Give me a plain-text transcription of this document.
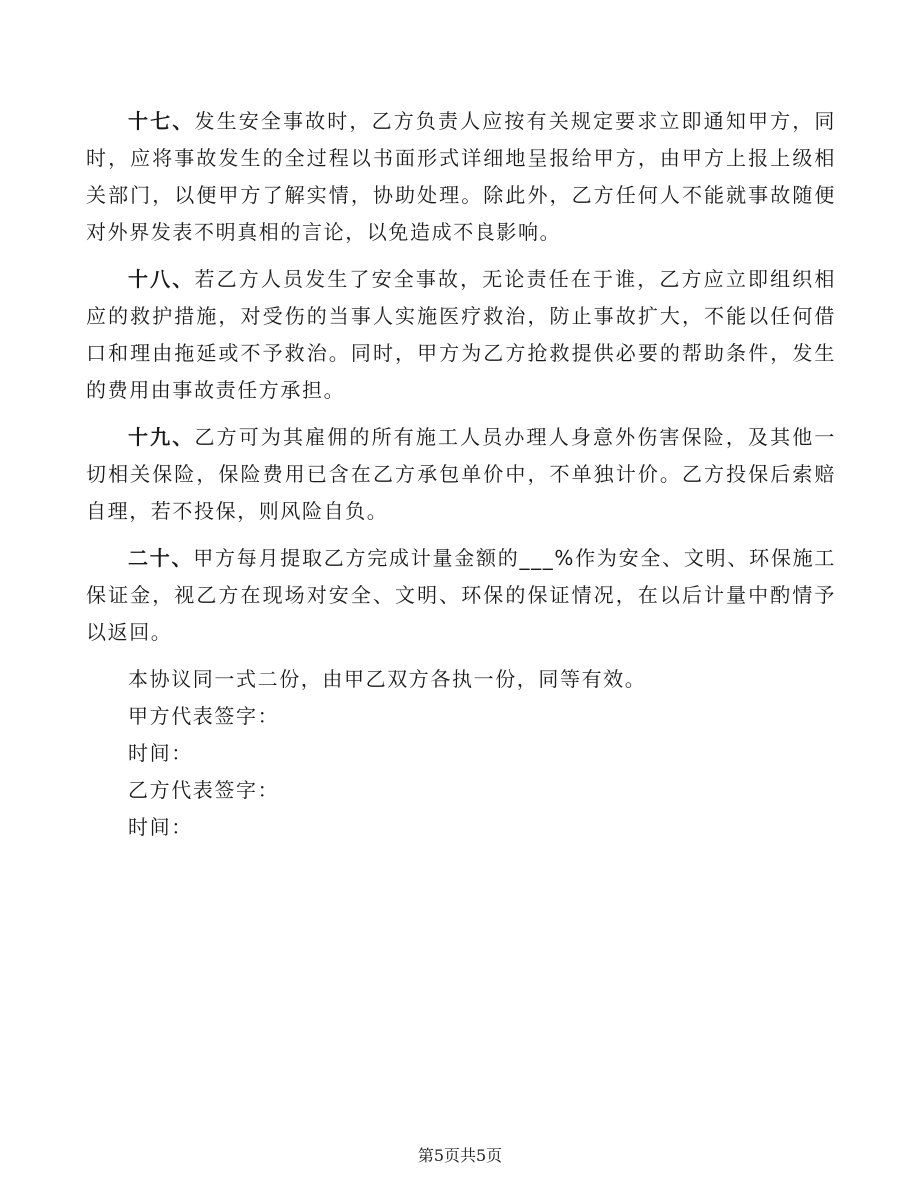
十七、发生安全事故时，乙方负责人应按有关规定要求立即通知甲方，同时，应将事故发生的全过程以书面形式详细地呈报给甲方，由甲方上报上级相关部门，以便甲方了解实情，协助处理。除此外，乙方任何人不能就事故随便对外界发表不明真相的言论，以免造成不良影响。

十八、若乙方人员发生了安全事故，无论责任在于谁，乙方应立即组织相应的救护措施，对受伤的当事人实施医疗救治，防止事故扩大，不能以任何借口和理由拖延或不予救治。同时，甲方为乙方抢救提供必要的帮助条件，发生的费用由事故责任方承担。

十九、乙方可为其雇佣的所有施工人员办理人身意外伤害保险，及其他一切相关保险，保险费用已含在乙方承包单价中，不单独计价。乙方投保后索赔自理，若不投保，则风险自负。

二十、甲方每月提取乙方完成计量金额的___%作为安全、文明、环保施工保证金，视乙方在现场对安全、文明、环保的保证情况，在以后计量中酌情予以返回。

本协议同一式二份，由甲乙双方各执一份，同等有效。

甲方代表签字：

时间：

乙方代表签字：

时间：

第5页共5页
